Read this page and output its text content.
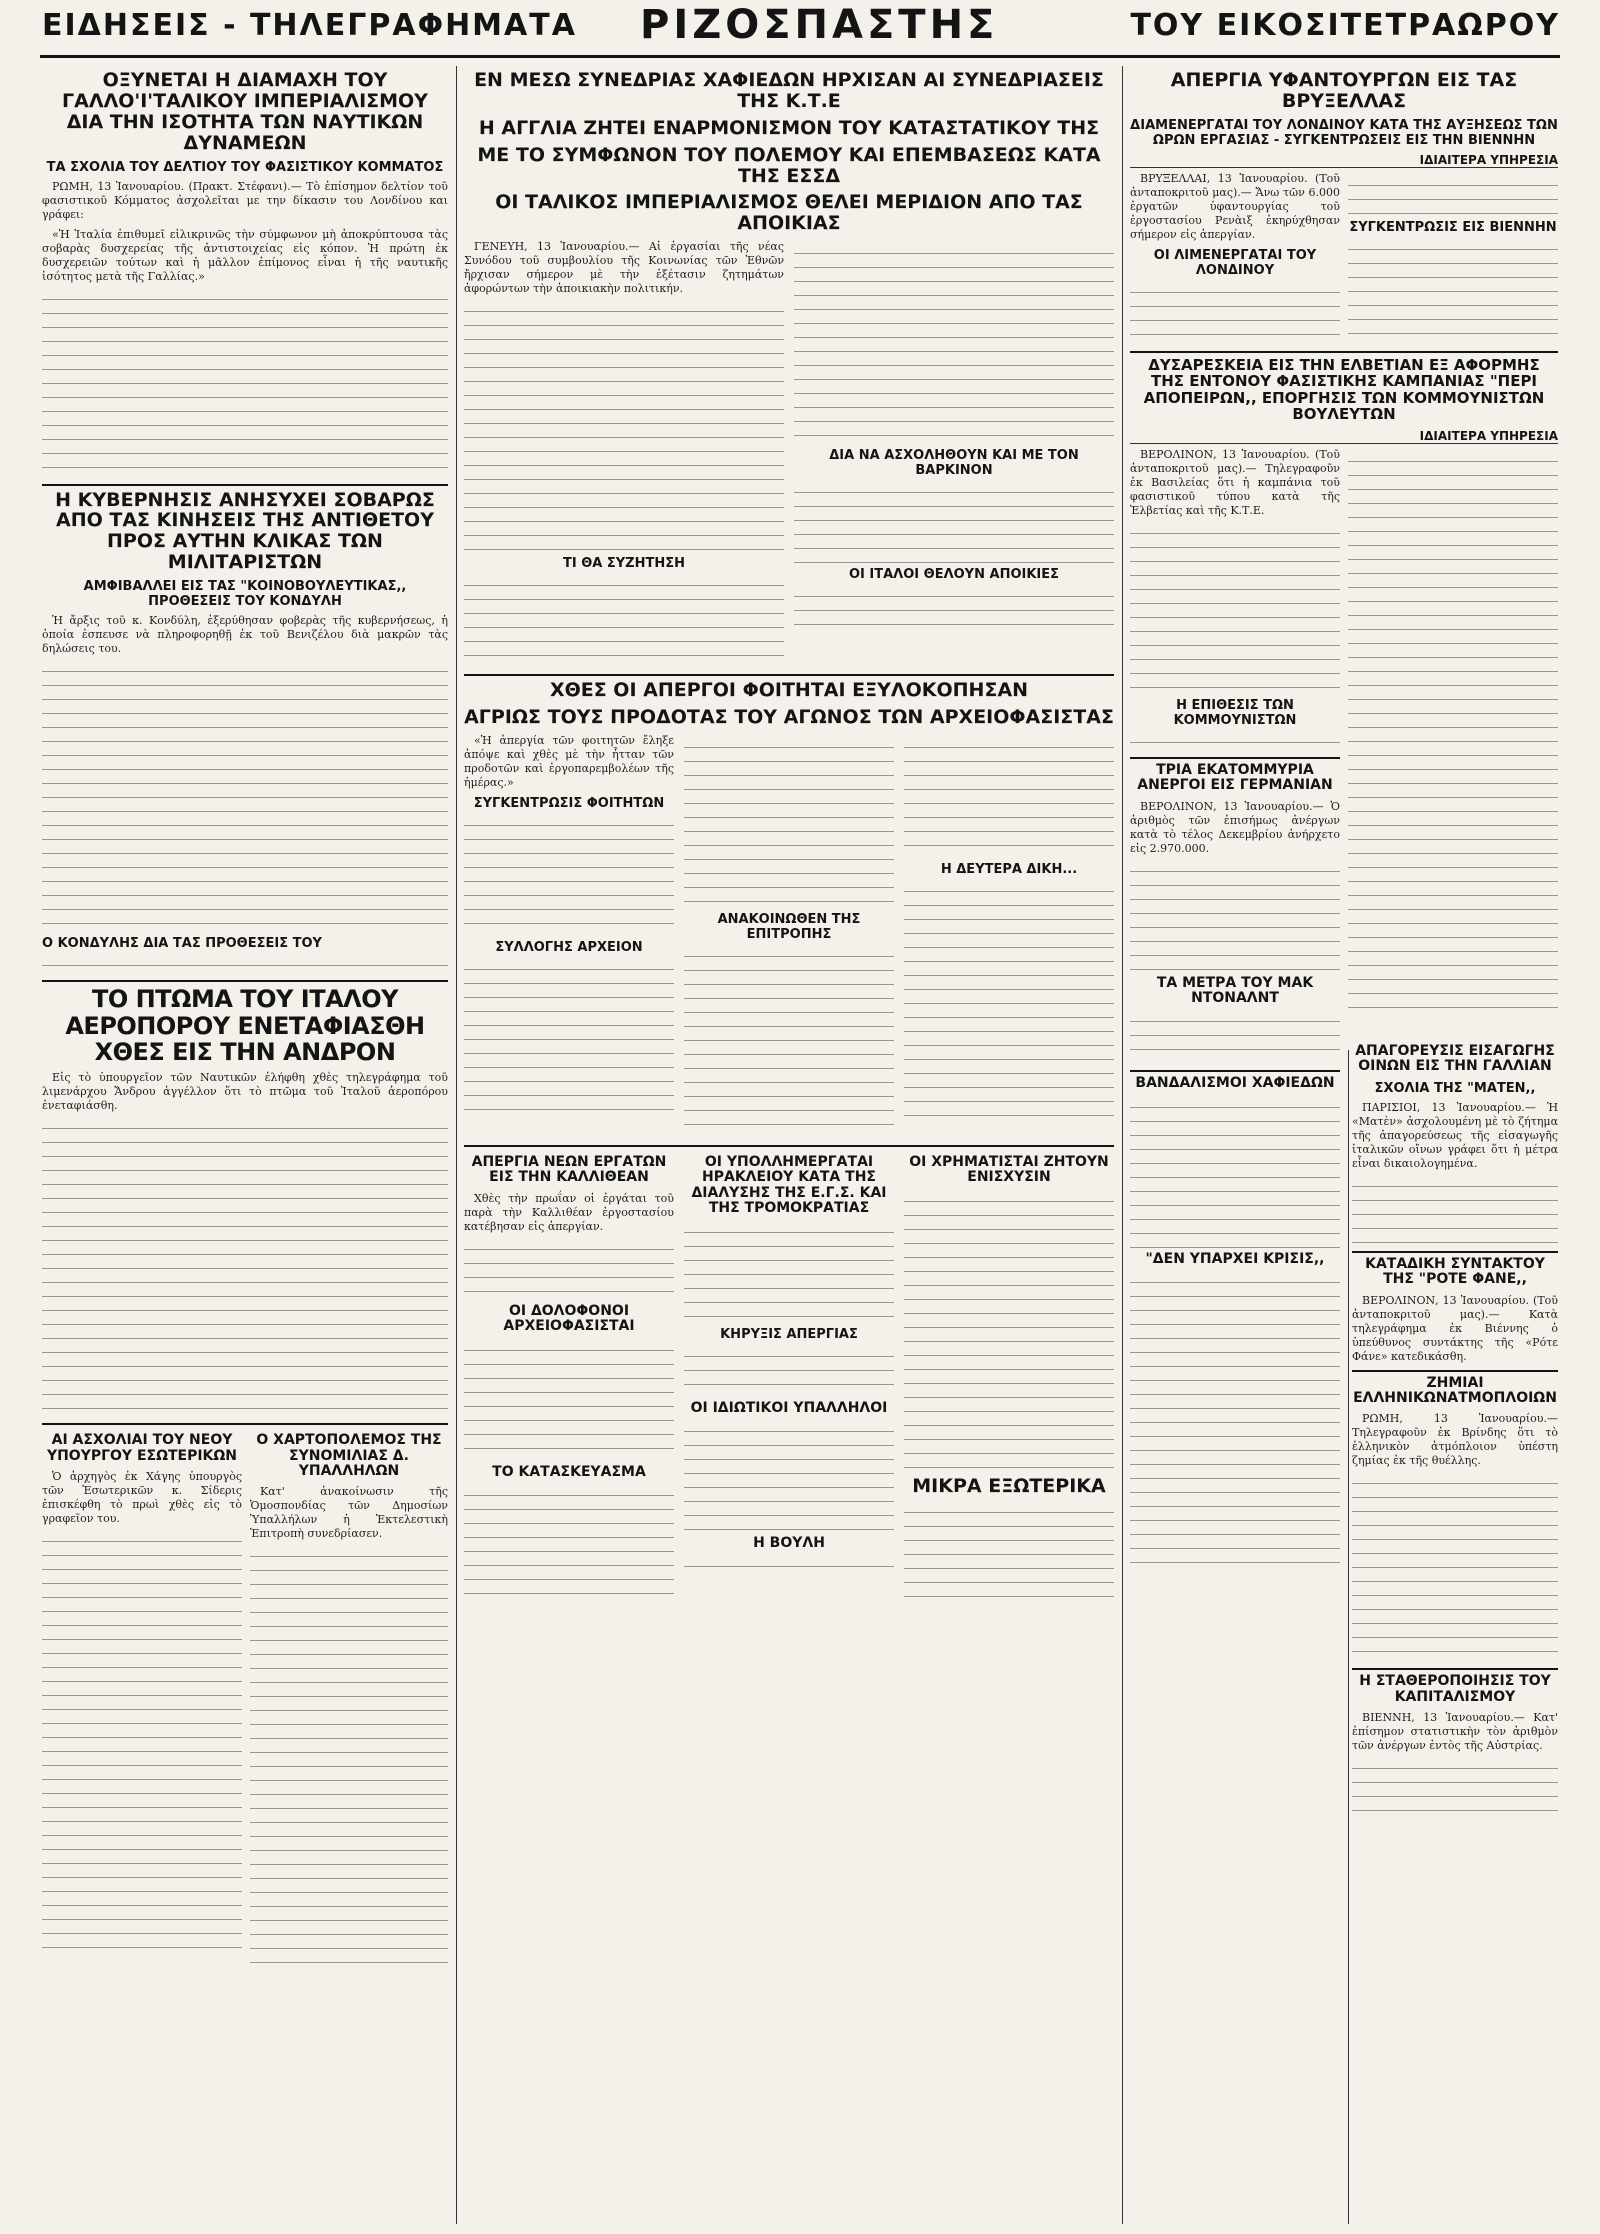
ΕΙΔΗΣΕΙΣ - ΤΗΛΕΓΡΑΦΗΜΑΤΑ ΡΙΖΟΣΠΑΣΤΗΣ	ΤΟΥ ΕΙΚΟΣΙΤΕΤΡΑΩΡΟΥ
ΟΞΥΝΕΤΑΙ Η ΔΙΑΜΑΧΗ ΤΟΥ ΓΑΛΛΟ'Ι'ΤΑΛΙΚΟΥ ΙΜΠΕΡΙΑΛΙΣΜΟΥ ΔΙΑ ΤΗΝ ΙΣΟΤΗΤΑ ΤΩΝ ΝΑΥΤΙΚΩΝ ΔΥΝΑΜΕΩΝ
ΤΑ ΣΧΟΛΙΑ ΤΟΥ ΔΕΛΤΙΟΥ ΤΟΥ ΦΑΣΙΣΤΙΚΟΥ ΚΟΜΜΑΤΟΣ

ΡΩΜΗ, 13 Ἰανουαρίου. (Πρακτ. Στέφανι).— Τὸ ἐπίσημον δελτίον τοῦ φασιστικοῦ Κόμματος ἀσχολεῖται με την δίκασιν του Λονδίνου και γράφει:

«Ἡ Ἰταλία ἐπιθυμεῖ εἰλικρινῶς τὴν σύμφωνον μὴ ἀποκρύπτουσα τὰς σοβαρὰς δυσχερείας τῆς ἀντιστοιχείας εἰς κόπον. Ἡ πρώτη ἐκ δυσχερειῶν τούτων καὶ ἡ μᾶλλον ἐπίμονος εἶναι ἡ τῆς ναυτικῆς ἰσότητος μετὰ τῆς Γαλλίας.»

Η ΚΥΒΕΡΝΗΣΙΣ ΑΝΗΣΥΧΕΙ ΣΟΒΑΡΩΣ ΑΠΟ ΤΑΣ ΚΙΝΗΣΕΙΣ ΤΗΣ ΑΝΤΙΘΕΤΟΥ ΠΡΟΣ ΑΥΤΗΝ ΚΛΙΚΑΣ ΤΩΝ ΜΙΛΙΤΑΡΙΣΤΩΝ
ΑΜΦΙΒΑΛΛΕΙ ΕΙΣ ΤΑΣ "ΚΟΙΝΟΒΟΥΛΕΥΤΙΚΑΣ,, ΠΡΟΘΕΣΕΙΣ ΤΟΥ ΚΟΝΔΥΛΗ

Ἡ ἄρξις τοῦ κ. Κονδύλη, ἐξερύθησαν φοβερὰς τῆς κυβερνήσεως, ἡ ὁποία ἐσπευσε νὰ πληροφορηθῇ ἐκ τοῦ Βενιζέλου διὰ μακρῶν τὰς δηλώσεις του.

Ο ΚΟΝΔΥΛΗΣ ΔΙΑ ΤΑΣ ΠΡΟΘΕΣΕΙΣ ΤΟΥ
ΤΟ ΠΤΩΜΑ ΤΟΥ ΙΤΑΛΟΥ ΑΕΡΟΠΟΡΟΥ ΕΝΕΤΑΦΙΑΣΘΗ ΧΘΕΣ ΕΙΣ ΤΗΝ ΑΝΔΡΟΝ

Εἰς τὸ ὑπουργεῖον τῶν Ναυτικῶν ἐλήφθη χθὲς τηλεγράφημα τοῦ λιμενάρχου Ἄνδρου ἀγγέλλον ὅτι τὸ πτῶμα τοῦ Ἰταλοῦ ἀεροπόρου ἐνεταφιάσθη.

ΑΙ ΑΣΧΟΛΙΑΙ ΤΟΥ ΝΕΟΥ ΥΠΟΥΡΓΟΥ ΕΣΩΤΕΡΙΚΩΝ

Ὁ ἀρχηγὸς ἐκ Χάγης ὑπουργὸς τῶν Ἐσωτερικῶν κ. Σίδερις ἐπισκέφθη τὸ πρωὶ χθὲς εἰς τὸ γραφεῖον του.

Ο ΧΑΡΤΟΠΟΛΕΜΟΣ ΤΗΣ ΣΥΝΟΜΙΛΙΑΣ Δ. ΥΠΑΛΛΗΛΩΝ

Κατ' ἀνακοίνωσιν τῆς Ὁμοσπονδίας τῶν Δημοσίων Ὑπαλλήλων ἡ Ἐκτελεστικὴ Ἐπιτροπὴ συνεδρίασεν.

ΕΝ ΜΕΣΩ ΣΥΝΕΔΡΙΑΣ ΧΑΦΙΕΔΩΝ ΗΡΧΙΣΑΝ ΑΙ ΣΥΝΕΔΡΙΑΣΕΙΣ ΤΗΣ Κ.Τ.Ε
Η ΑΓΓΛΙΑ ΖΗΤΕΙ ΕΝΑΡΜΟΝΙΣΜΟΝ ΤΟΥ ΚΑΤΑΣΤΑΤΙΚΟΥ ΤΗΣ
ΜΕ ΤΟ ΣΥΜΦΩΝΟΝ ΤΟΥ ΠΟΛΕΜΟΥ ΚΑΙ ΕΠΕΜΒΑΣΕΩΣ ΚΑΤΑ ΤΗΣ ΕΣΣΔ
ΟΙ ΤΑΛΙΚΟΣ ΙΜΠΕΡΙΑΛΙΣΜΟΣ ΘΕΛΕΙ ΜΕΡΙΔΙΟΝ ΑΠΟ ΤΑΣ ΑΠΟΙΚΙΑΣ

ΓΕΝΕΥΗ, 13 Ἰανουαρίου.— Αἱ ἐργασίαι τῆς νέας Συνόδου τοῦ συμβουλίου τῆς Κοινωνίας τῶν Ἐθνῶν ἤρχισαν σήμερον μὲ τὴν ἐξέτασιν ζητημάτων ἀφορώντων τὴν ἀποικιακὴν πολιτικήν.

ΤΙ ΘΑ ΣΥΖΗΤΗΣΗ
ΔΙΑ ΝΑ ΑΣΧΟΛΗΘΟΥΝ ΚΑΙ ΜΕ ΤΟΝ ΒΑΡΚΙΝΟΝ
ΟΙ ΙΤΑΛΟΙ ΘΕΛΟΥΝ ΑΠΟΙΚΙΕΣ
ΧΘΕΣ ΟΙ ΑΠΕΡΓΟΙ ΦΟΙΤΗΤΑΙ ΕΞΥΛΟΚΟΠΗΣΑΝ
ΑΓΡΙΩΣ ΤΟΥΣ ΠΡΟΔΟΤΑΣ ΤΟΥ ΑΓΩΝΟΣ ΤΩΝ ΑΡΧΕΙΟΦΑΣΙΣΤΑΣ

«Ἡ ἀπεργία τῶν φοιτητῶν ἔληξε ἀπόψε καὶ χθὲς μὲ τὴν ἧτταν τῶν προδοτῶν καὶ ἐργοπαρεμβολέων τῆς ἡμέρας.»

ΣΥΓΚΕΝΤΡΩΣΙΣ ΦΟΙΤΗΤΩΝ
ΣΥΛΛΟΓΗΣ ΑΡΧΕΙΟΝ
ΑΝΑΚΟΙΝΩΘΕΝ ΤΗΣ ΕΠΙΤΡΟΠΗΣ
Η ΔΕΥΤΕΡΑ ΔΙΚΗ...
ΑΠΕΡΓΙΑ ΝΕΩΝ ΕΡΓΑΤΩΝ ΕΙΣ ΤΗΝ ΚΑΛΛΙΘΕΑΝ

Χθὲς τὴν πρωΐαν οἱ ἐργάται τοῦ παρὰ τὴν Καλλιθέαν ἐργοστασίου κατέβησαν εἰς ἀπεργίαν.

ΟΙ ΔΟΛΟΦΟΝΟΙ ΑΡΧΕΙΟΦΑΣΙΣΤΑΙ
ΤΟ ΚΑΤΑΣΚΕΥΑΣΜΑ
ΟΙ ΥΠΟΛΛΗΜΕΡΓΑΤΑΙ ΗΡΑΚΛΕΙΟΥ ΚΑΤΑ ΤΗΣ ΔΙΑΛΥΣΗΣ ΤΗΣ Ε.Γ.Σ. ΚΑΙ ΤΗΣ ΤΡΟΜΟΚΡΑΤΙΑΣ
ΚΗΡΥΞΙΣ ΑΠΕΡΓΙΑΣ
ΟΙ ΙΔΙΩΤΙΚΟΙ ΥΠΑΛΛΗΛΟΙ
Η ΒΟΥΛΗ
ΟΙ ΧΡΗΜΑΤΙΣΤΑΙ ΖΗΤΟΥΝ ΕΝΙΣΧΥΣΙΝ
ΜΙΚΡΑ ΕΞΩΤΕΡΙΚΑ
ΑΠΕΡΓΙΑ ΥΦΑΝΤΟΥΡΓΩΝ ΕΙΣ ΤΑΣ ΒΡΥΞΕΛΛΑΣ
ΔΙΑΜΕΝΕΡΓΑΤΑΙ ΤΟΥ ΛΟΝΔΙΝΟΥ ΚΑΤΑ ΤΗΣ ΑΥΞΗΣΕΩΣ ΤΩΝ ΩΡΩΝ ΕΡΓΑΣΙΑΣ - ΣΥΓΚΕΝΤΡΩΣΕΙΣ ΕΙΣ ΤΗΝ ΒΙΕΝΝΗΝ
ΙΔΙΑΙΤΕΡΑ ΥΠΗΡΕΣΙΑ

ΒΡΥΞΕΛΛΑΙ, 13 Ἰανουαρίου. (Τοῦ ἀνταποκριτοῦ μας).— Ἄνω τῶν 6.000 ἐργατῶν ὑφαντουργίας τοῦ ἐργοστασίου Ρενὰιξ ἐκηρύχθησαν σήμερον εἰς ἀπεργίαν.

ΟΙ ΛΙΜΕΝΕΡΓΑΤΑΙ ΤΟΥ ΛΟΝΔΙΝΟΥ
ΣΥΓΚΕΝΤΡΩΣΙΣ ΕΙΣ ΒΙΕΝΝΗΝ
ΔΥΣΑΡΕΣΚΕΙΑ ΕΙΣ ΤΗΝ ΕΛΒΕΤΙΑΝ ΕΞ ΑΦΟΡΜΗΣ ΤΗΣ ΕΝΤΟΝΟΥ ΦΑΣΙΣΤΙΚΗΣ ΚΑΜΠΑΝΙΑΣ "ΠΕΡΙ ΑΠΟΠΕΙΡΩΝ,, ΕΠΟΡΓΗΣΙΣ ΤΩΝ ΚΟΜΜΟΥΝΙΣΤΩΝ ΒΟΥΛΕΥΤΩΝ
ΙΔΙΑΙΤΕΡΑ ΥΠΗΡΕΣΙΑ

ΒΕΡΟΛΙΝΟΝ, 13 Ἰανουαρίου. (Τοῦ ἀνταποκριτοῦ μας).— Τηλεγραφοῦν ἐκ Βασιλείας ὅτι ἡ καμπάνια τοῦ φασιστικοῦ τύπου κατὰ τῆς Ἐλβετίας καὶ τῆς Κ.Τ.Ε.

Η ΕΠΙΘΕΣΙΣ ΤΩΝ ΚΟΜΜΟΥΝΙΣΤΩΝ
ΤΡΙΑ ΕΚΑΤΟΜΜΥΡΙΑ ΑΝΕΡΓΟΙ ΕΙΣ ΓΕΡΜΑΝΙΑΝ

ΒΕΡΟΛΙΝΟΝ, 13 Ἰανουαρίου.— Ὁ ἀριθμὸς τῶν ἐπισήμως ἀνέργων κατὰ τὸ τέλος Δεκεμβρίου ἀνήρχετο εἰς 2.970.000.

ΤΑ ΜΕΤΡΑ ΤΟΥ ΜΑΚ ΝΤΟΝΑΛΝΤ
ΒΑΝΔΑΛΙΣΜΟΙ ΧΑΦΙΕΔΩΝ
"ΔΕΝ ΥΠΑΡΧΕΙ ΚΡΙΣΙΣ,,
ΑΠΑΓΟΡΕΥΣΙΣ ΕΙΣΑΓΩΓΗΣ ΟΙΝΩΝ ΕΙΣ ΤΗΝ ΓΑΛΛΙΑΝ
ΣΧΟΛΙΑ ΤΗΣ "ΜΑΤΕΝ,,

ΠΑΡΙΣΙΟΙ, 13 Ἰανουαρίου.— Ἡ «Ματὲν» ἀσχολουμένη μὲ τὸ ζήτημα τῆς ἀπαγορεύσεως τῆς εἰσαγωγῆς ἰταλικῶν οἴνων γράφει ὅτι ἡ μέτρα εἶναι δικαιολογημένα.

ΚΑΤΑΔΙΚΗ ΣΥΝΤΑΚΤΟΥ ΤΗΣ "ΡΟΤΕ ΦΑΝΕ,,

ΒΕΡΟΛΙΝΟΝ, 13 Ἰανουαρίου. (Τοῦ ἀνταποκριτοῦ μας).— Κατὰ τηλεγράφημα ἐκ Βιέννης ὁ ὑπεύθυνος συντάκτης τῆς «Ρότε Φάνε» κατεδικάσθη.

ΖΗΜΙΑΙ ΕΛΛΗΝΙΚΩΝΑΤΜΟΠΛΟΙΩΝ

ΡΩΜΗ, 13 Ἰανουαρίου.— Τηλεγραφοῦν ἐκ Βρίνδης ὅτι τὸ ἑλληνικὸν ἀτμόπλοιον ὑπέστη ζημίας ἐκ τῆς θυέλλης.

Η ΣΤΑΘΕΡΟΠΟΙΗΣΙΣ ΤΟΥ ΚΑΠΙΤΑΛΙΣΜΟΥ

ΒΙΕΝΝΗ, 13 Ἰανουαρίου.— Κατ' ἐπίσημον στατιστικὴν τὸν ἀριθμὸν τῶν ἀνέργων ἐντὸς τῆς Αὐστρίας.
